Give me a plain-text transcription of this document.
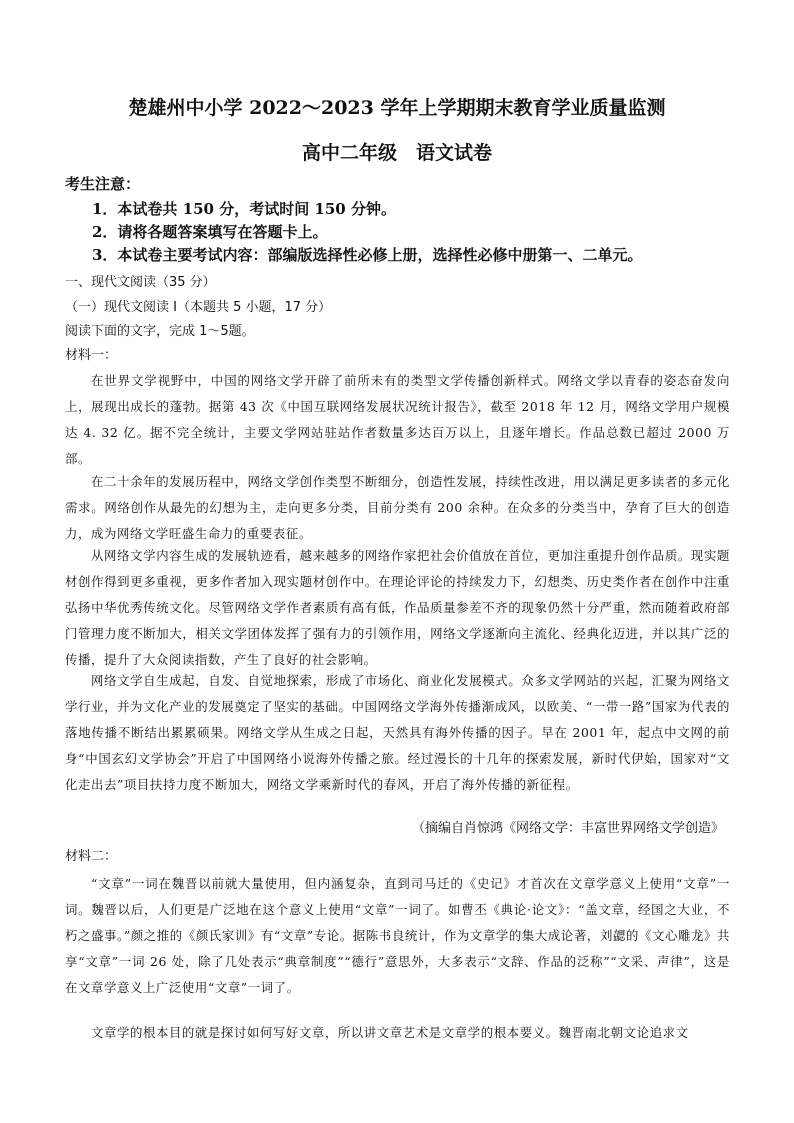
楚雄州中小学 2022～2023 学年上学期期末教育学业质量监测
高中二年级　语文试卷
考生注意：
1．本试卷共 150 分，考试时间 150 分钟。
2．请将各题答案填写在答题卡上。
3．本试卷主要考试内容：部编版选择性必修上册，选择性必修中册第一、二单元。
一、现代文阅读（35 分）
（一）现代文阅读 I（本题共 5 小题，17 分）
阅读下面的文字，完成 1～5题。
材料一：

在世界文学视野中，中国的网络文学开辟了前所未有的类型文学传播创新样式。网络文学以青春的姿态奋发向上，展现出成长的蓬勃。据第 43 次《中国互联网络发展状况统计报告》，截至 2018 年 12 月，网络文学用户规模达 4. 32 亿。据不完全统计，主要文学网站驻站作者数量多达百万以上，且逐年增长。作品总数已超过 2000 万部。

在二十余年的发展历程中，网络文学创作类型不断细分，创造性发展，持续性改进，用以满足更多读者的多元化需求。网络创作从最先的幻想为主，走向更多分类，目前分类有 200 余种。在众多的分类当中，孕育了巨大的创造力，成为网络文学旺盛生命力的重要表征。

从网络文学内容生成的发展轨迹看，越来越多的网络作家把社会价值放在首位，更加注重提升创作品质。现实题材创作得到更多重视，更多作者加入现实题材创作中。在理论评论的持续发力下，幻想类、历史类作者在创作中注重弘扬中华优秀传统文化。尽管网络文学作者素质有高有低，作品质量参差不齐的现象仍然十分严重，然而随着政府部门管理力度不断加大，相关文学团体发挥了强有力的引领作用，网络文学逐渐向主流化、经典化迈进，并以其广泛的传播，提升了大众阅读指数，产生了良好的社会影响。

网络文学自生成起，自发、自觉地探索，形成了市场化、商业化发展模式。众多文学网站的兴起，汇聚为网络文学行业，并为文化产业的发展奠定了坚实的基础。中国网络文学海外传播渐成风，以欧美、“一带一路”国家为代表的落地传播不断结出累累硕果。网络文学从生成之日起，天然具有海外传播的因子。早在 2001 年，起点中文网的前身“中国玄幻文学协会”开启了中国网络小说海外传播之旅。经过漫长的十几年的探索发展，新时代伊始，国家对“文化走出去”项目扶持力度不断加大，网络文学乘新时代的春风，开启了海外传播的新征程。

（摘编自肖惊鸿《网络文学：丰富世界网络文学创造》
材料二：

“文章”一词在魏晋以前就大量使用，但内涵复杂，直到司马迁的《史记》才首次在文章学意义上使用“文章”一词。魏晋以后，人们更是广泛地在这个意义上使用“文章”一词了。如曹丕《典论·论文》：“盖文章，经国之大业，不朽之盛事。”颜之推的《颜氏家训》有“文章”专论。据陈书良统计，作为文章学的集大成论著，刘勰的《文心雕龙》共享“文章”一词 26 处，除了几处表示“典章制度”“德行”意思外，大多表示“文辞、作品的泛称”“文采、声律”，这是在文章学意义上广泛使用“文章”一词了。

文章学的根本目的就是探讨如何写好文章，所以讲文章艺术是文章学的根本要义。魏晋南北朝文论追求文
